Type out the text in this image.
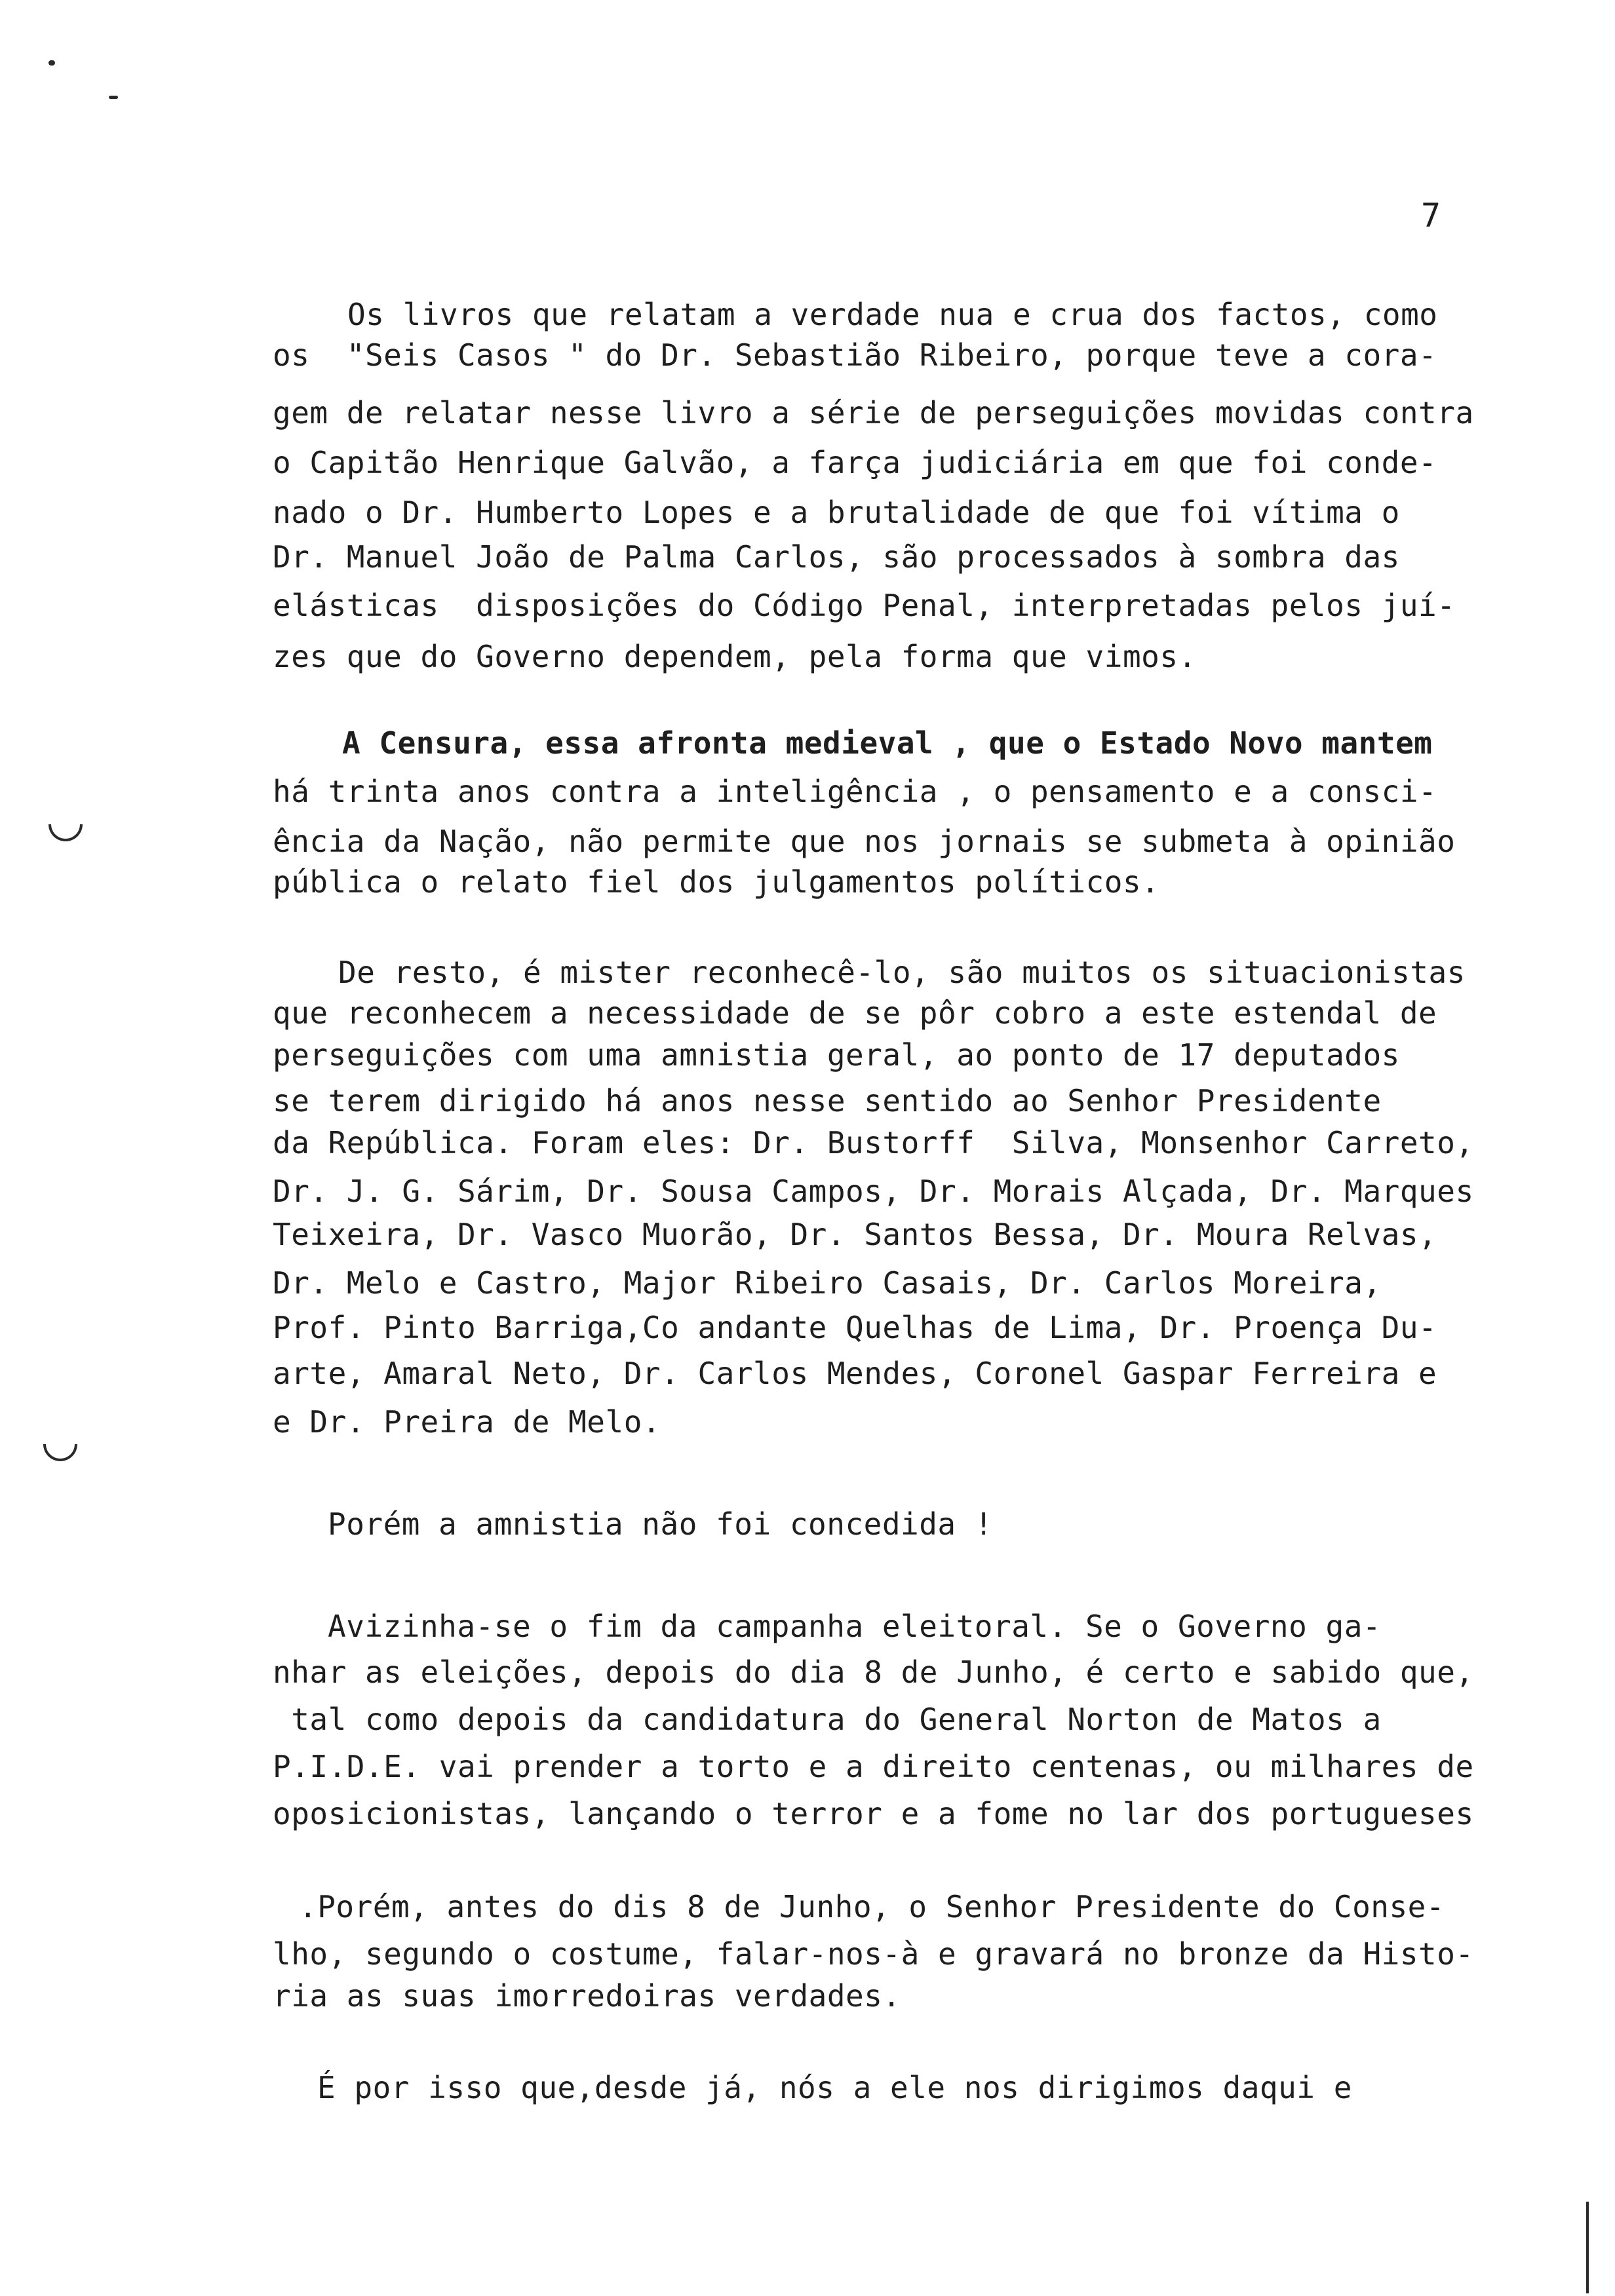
7
Os livros que relatam a verdade nua e crua dos factos, como
os  "Seis Casos " do Dr. Sebastião Ribeiro, porque teve a cora-
gem de relatar nesse livro a série de perseguições movidas contra
o Capitão Henrique Galvão, a farça judiciária em que foi conde-
nado o Dr. Humberto Lopes e a brutalidade de que foi vítima o
Dr. Manuel João de Palma Carlos, são processados à sombra das
elásticas  disposições do Código Penal, interpretadas pelos juí-
zes que do Governo dependem, pela forma que vimos.
A Censura, essa afronta medieval , que o Estado Novo mantem
há trinta anos contra a inteligência , o pensamento e a consci-
ência da Nação, não permite que nos jornais se submeta à opinião
pública o relato fiel dos julgamentos políticos.
De resto, é mister reconhecê-lo, são muitos os situacionistas
que reconhecem a necessidade de se pôr cobro a este estendal de
perseguições com uma amnistia geral, ao ponto de 17 deputados
se terem dirigido há anos nesse sentido ao Senhor Presidente
da República. Foram eles: Dr. Bustorff  Silva, Monsenhor Carreto,
Dr. J. G. Sárim, Dr. Sousa Campos, Dr. Morais Alçada, Dr. Marques
Teixeira, Dr. Vasco Muorão, Dr. Santos Bessa, Dr. Moura Relvas,
Dr. Melo e Castro, Major Ribeiro Casais, Dr. Carlos Moreira,
Prof. Pinto Barriga,Co andante Quelhas de Lima, Dr. Proença Du-
arte, Amaral Neto, Dr. Carlos Mendes, Coronel Gaspar Ferreira e
e Dr. Preira de Melo.
Porém a amnistia não foi concedida !
Avizinha-se o fim da campanha eleitoral. Se o Governo ga-
nhar as eleições, depois do dia 8 de Junho, é certo e sabido que,
tal como depois da candidatura do General Norton de Matos a
P.I.D.E. vai prender a torto e a direito centenas, ou milhares de
oposicionistas, lançando o terror e a fome no lar dos portugueses
.Porém, antes do dis 8 de Junho, o Senhor Presidente do Conse-
lho, segundo o costume, falar-nos-à e gravará no bronze da Histo-
ria as suas imorredoiras verdades.
É por isso que,desde já, nós a ele nos dirigimos daqui e
